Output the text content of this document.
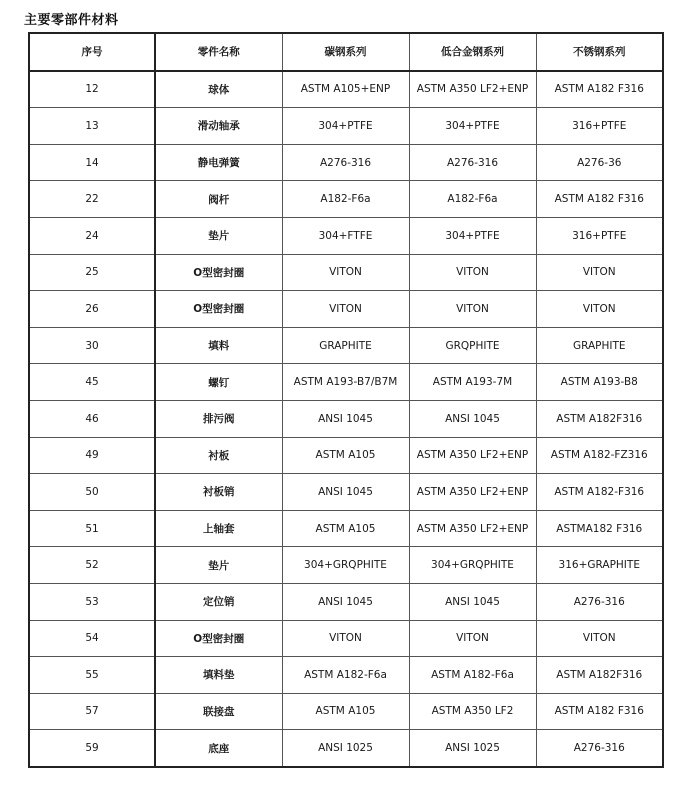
主要零部件材料
序号	零件名称	碳钢系列	低合金钢系列	不锈钢系列
12	球体	ASTM A105+ENP	ASTM A350 LF2+ENP	ASTM A182 F316
13	滑动轴承	304+PTFE	304+PTFE	316+PTFE
14	静电弹簧	A276-316	A276-316	A276-36
22	阀杆	A182-F6a	A182-F6a	ASTM A182 F316
24	垫片	304+FTFE	304+PTFE	316+PTFE
25	O型密封圈	VITON	VITON	VITON
26	O型密封圈	VITON	VITON	VITON
30	填料	GRAPHITE	GRQPHITE	GRAPHITE
45	螺钉	ASTM A193-B7/B7M	ASTM A193-7M	ASTM A193-B8
46	排污阀	ANSI 1045	ANSI 1045	ASTM A182F316
49	衬板	ASTM A105	ASTM A350 LF2+ENP	ASTM A182-FZ316
50	衬板销	ANSI 1045	ASTM A350 LF2+ENP	ASTM A182-F316
51	上轴套	ASTM A105	ASTM A350 LF2+ENP	ASTMA182 F316
52	垫片	304+GRQPHITE	304+GRQPHITE	316+GRAPHITE
53	定位销	ANSI 1045	ANSI 1045	A276-316
54	O型密封圈	VITON	VITON	VITON
55	填料垫	ASTM A182-F6a	ASTM A182-F6a	ASTM A182F316
57	联接盘	ASTM A105	ASTM A350 LF2	ASTM A182 F316
59	底座	ANSI 1025	ANSI 1025	A276-316
